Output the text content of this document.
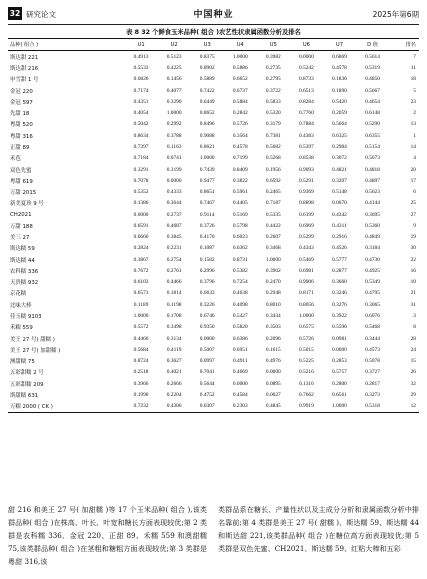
32 研究论文	中国种业	2025年第6期
表 8 32 个鲜食玉米品种( 组合 )农艺性状隶属函数分析及排名
品种( 组合 )	U1	U2	U3	U4	U5	U6	U7	D 值	排名
斯达甜 221	0.4913	0.5123	0.8375	1.0000	0.3982	0.0000	0.6869	0.5614	7
斯达甜 216	0.5533	0.4225	0.8902	0.5886	0.2735	0.5242	0.4578	0.5319	11
申雪甜 1 号	0.6826	0.1456	0.5889	0.6652	0.2795	0.8733	0.1836	0.4850	18
金冠 220	0.7174	0.4077	0.7422	0.6737	0.3722	0.6513	0.1890	0.5667	5
金冠 597	0.4351	0.3290	0.6449	0.5884	0.5833	0.8284	0.5420	0.4654	23
先甜 18	0.4054	1.0000	0.8652	0.2842	0.5320	0.7760	0.2059	0.6148	2
粤甜 520	0.5042	0.2992	0.8496	0.5726	0.3179	0.7884	0.5664	0.5290	13
粤甜 316	0.8634	0.3788	0.9088	0.3564	0.7381	0.4383	0.6325	0.6355	1
正甜 89	0.7397	0.1163	0.8621	0.4578	0.5682	0.5397	0.2984	0.5154	14
禾苞	0.7184	0.0741	1.0000	0.7199	0.5268	0.8538	0.3072	0.5673	4
双色先蜜	0.3291	0.3199	0.7439	0.8409	0.1956	0.9093	0.4821	0.4818	20
粤甜 619	0.7078	0.0000	0.9477	0.3822	0.6592	0.5291	0.3207	0.4897	17
万甜 2015	0.5352	0.4333	0.8651	0.5961	0.2465	0.9369	0.5148	0.5623	6
新美夏珍 9 号	0.1386	0.3644	0.7467	0.4405	0.7187	0.8898	0.0670	0.4144	25
CH2021	0.0000	0.2737	0.9114	0.5169	0.5335	0.6199	0.4342	0.3695	27
万甜 188	0.6591	0.4687	0.3726	0.5798	0.4422	0.6969	0.4311	0.5360	9
美三 27	0.6660	0.3845	0.4170	0.6023	0.2607	0.5299	0.2916	0.4849	19
斯达糯 59	0.2824	0.2231	0.1087	0.6362	0.3468	0.4343	0.4526	0.3184	30
斯达糯 44	0.3867	0.2754	0.1582	0.8731	1.0000	0.5469	0.5777	0.4730	22
农科糯 336	0.7672	0.2761	0.2996	0.5382	0.3902	0.6981	0.2877	0.4925	16
天贵糯 932	0.6103	0.4466	0.3796	0.7254	0.2470	0.9906	0.3660	0.5349	10
京花糯	0.6573	0.1814	0.6633	0.4638	0.2948	0.8171	0.3246	0.4795	21
比味大棒	0.1189	0.1198	0.3226	0.4098	0.8010	0.8056	0.3276	0.3065	31
佳玉糯 9103	1.0000	0.1708	0.6746	0.5427	0.3434	1.0000	0.3922	0.6076	3
禾糯 559	0.5572	0.3498	0.9350	0.5820	0.3503	0.6575	0.5596	0.5468	8
美王 27 号( 甜糯 )	0.4466	0.3134	0.0000	0.6386	0.2096	0.5726	0.0981	0.3444	28
美王 27 号( 加甜糯 )	0.5684	0.4119	0.5007	0.6951	0.1615	0.5015	0.0000	0.4573	24
澳甜糯 75	0.8724	0.3627	0.0997	0.4911	0.4976	0.5225	0.2853	0.5078	15
五彩甜糯 2 号	0.2518	0.4021	0.7041	0.4669	0.0000	0.5216	0.5757	0.3727	26
五彩甜糯 209	0.3966	0.2666	0.5644	0.0000	0.0895	0.1316	0.2800	0.2817	32
斯甜糯 631	0.1990	0.2204	0.4752	0.4584	0.0027	0.7662	0.6561	0.3273	29
万糯 2000 ( CK )	0.7232	0.4306	0.0307	0.2303	0.4845	0.9919	1.0000	0.5318	12

甜 216 和美王 27 号( 加甜糯 )等 17 个玉米品种( 组合 ),该类群品种( 组合 )在株高、叶长、叶宽和糖长方面表现较优;第 2 类群是农科糯 336、金冠 220、正甜 89、禾糯 559 和澳甜糯 75,该类群品种( 组合 )在茎粗和糖粗方面表现较优;第 3 类群是粤甜 316,该

类群品系在糖长、产量性状以及主成分分析和隶属函数分析中排名靠前;第 4 类群是美王 27 号( 甜糯 )、斯达糯 59、斯达糯 44 和斯达甜 221,该类群品种( 组合 )在糖位高方面表现较优;第 5 类群是双色先蜜、CH2021、斯达糯 59、红粘大棒和五彩
